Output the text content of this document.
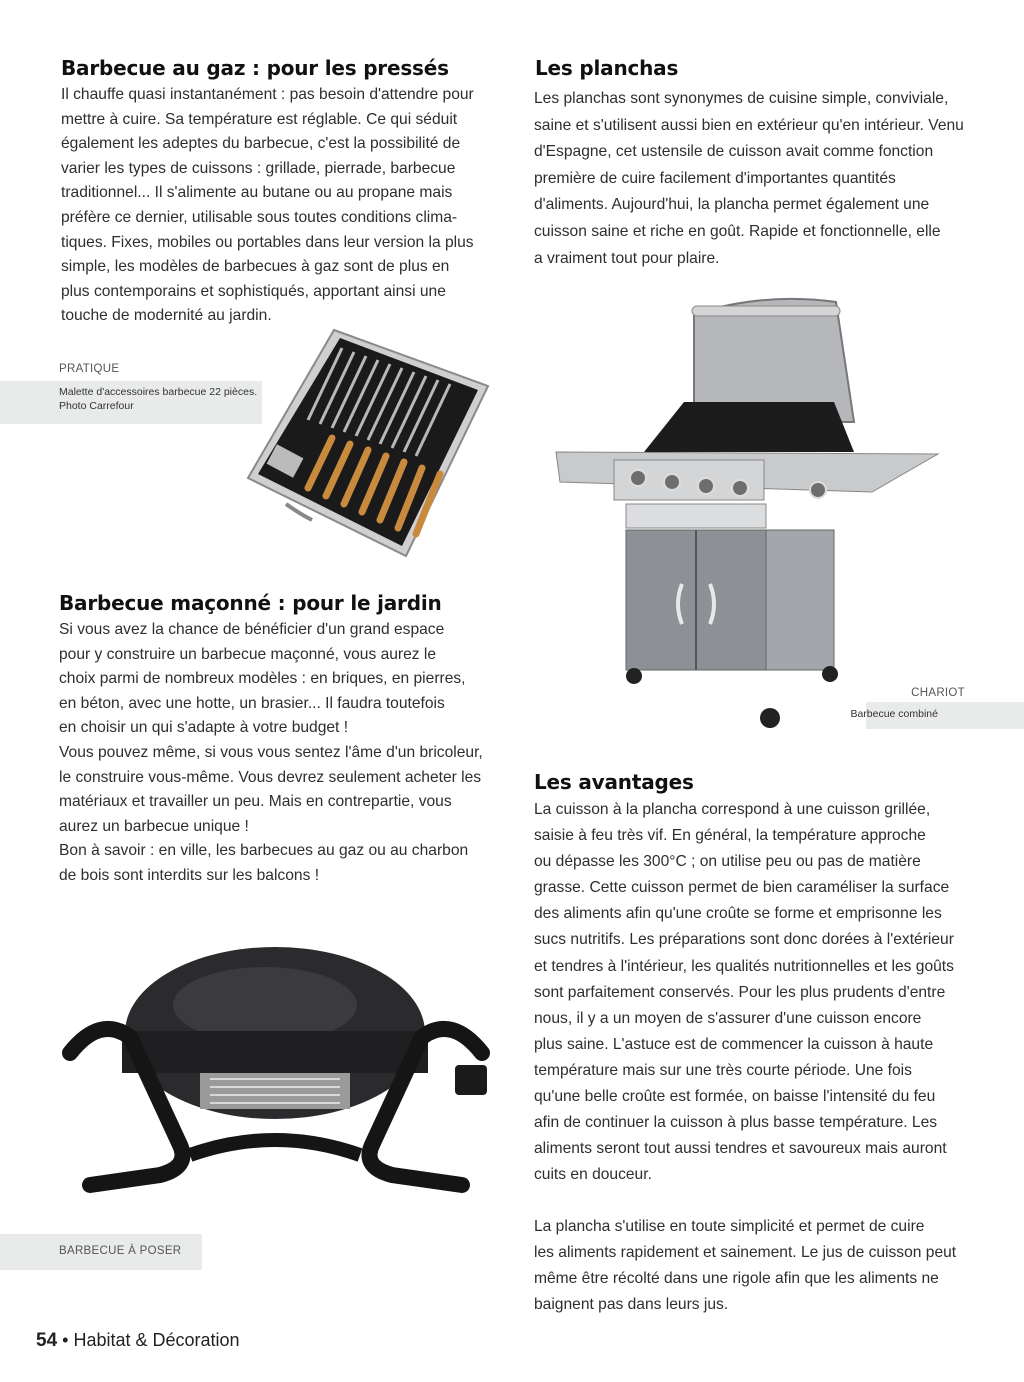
Barbecue au gaz : pour les pressés

Il chauffe quasi instantanément : pas besoin d'attendre pour
mettre à cuire. Sa température est réglable. Ce qui séduit
également les adeptes du barbecue, c'est la possibilité de
varier les types de cuissons : grillade, pierrade, barbecue
traditionnel... Il s'alimente au butane ou au propane mais
préfère ce dernier, utilisable sous toutes conditions clima-
tiques. Fixes, mobiles ou portables dans leur version la plus
simple, les modèles de barbecues à gaz sont de plus en
plus contemporains et sophistiqués, apportant ainsi une
touche de modernité au jardin.

PRATIQUE
Malette d'accessoires barbecue 22 pièces.
Photo Carrefour
Barbecue maçonné : pour le jardin

Si vous avez la chance de bénéficier d'un grand espace
pour y construire un barbecue maçonné, vous aurez le
choix parmi de nombreux modèles : en briques, en pierres,
en béton, avec une hotte, un brasier... Il faudra toutefois
en choisir un qui s'adapte à votre budget !
Vous pouvez même, si vous vous sentez l'âme d'un bricoleur,
le construire vous-même. Vous devrez seulement acheter les
matériaux et travailler un peu. Mais en contrepartie, vous
aurez un barbecue unique !
Bon à savoir : en ville, les barbecues au gaz ou au charbon
de bois sont interdits sur les balcons !

BARBECUE À POSER
Les planchas

Les planchas sont synonymes de cuisine simple, conviviale,
saine et s'utilisent aussi bien en extérieur qu'en intérieur. Venu
d'Espagne, cet ustensile de cuisson avait comme fonction
première de cuire facilement d'importantes quantités
d'aliments. Aujourd'hui, la plancha permet également une
cuisson saine et riche en goût. Rapide et fonctionnelle, elle
a vraiment tout pour plaire.

CHARIOT
Barbecue combiné
Les avantages

La cuisson à la plancha correspond à une cuisson grillée,
saisie à feu très vif. En général, la température approche
ou dépasse les 300°C ; on utilise peu ou pas de matière
grasse. Cette cuisson permet de bien caraméliser la surface
des aliments afin qu'une croûte se forme et emprisonne les
sucs nutritifs. Les préparations sont donc dorées à l'extérieur
et tendres à l'intérieur, les qualités nutritionnelles et les goûts
sont parfaitement conservés. Pour les plus prudents d'entre
nous, il y a un moyen de s'assurer d'une cuisson encore
plus saine. L'astuce est de commencer la cuisson à haute
température mais sur une très courte période. Une fois
qu'une belle croûte est formée, on baisse l'intensité du feu
afin de continuer la cuisson à plus basse température. Les
aliments seront tout aussi tendres et savoureux mais auront
cuits en douceur.

La plancha s'utilise en toute simplicité et permet de cuire
les aliments rapidement et sainement. Le jus de cuisson peut
même être récolté dans une rigole afin que les aliments ne
baignent pas dans leurs jus.

54 • Habitat & Décoration
